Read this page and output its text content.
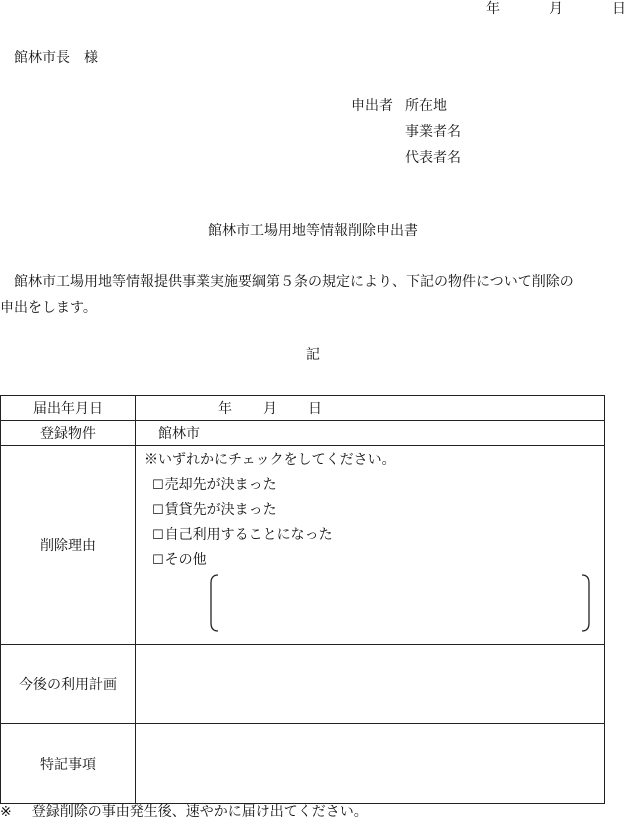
年	月	日
館林市長　様
申出者 所在地
事業者名
代表者名
館林市工場用地等情報削除申出書

館林市工場用地等情報提供事業実施要綱第５条の規定により、下記の物件について削除の

申出をします。
記
届出年月日	年 月 日

登録物件	館林市
削除理由	※いずれかにチェックをしてください。
☐売却先が決まった
☐賃貸先が決まった
☐自己利用することになった
☐その他

今後の利用計画	
特記事項	
※ 登録削除の事由発生後、速やかに届け出てください。
